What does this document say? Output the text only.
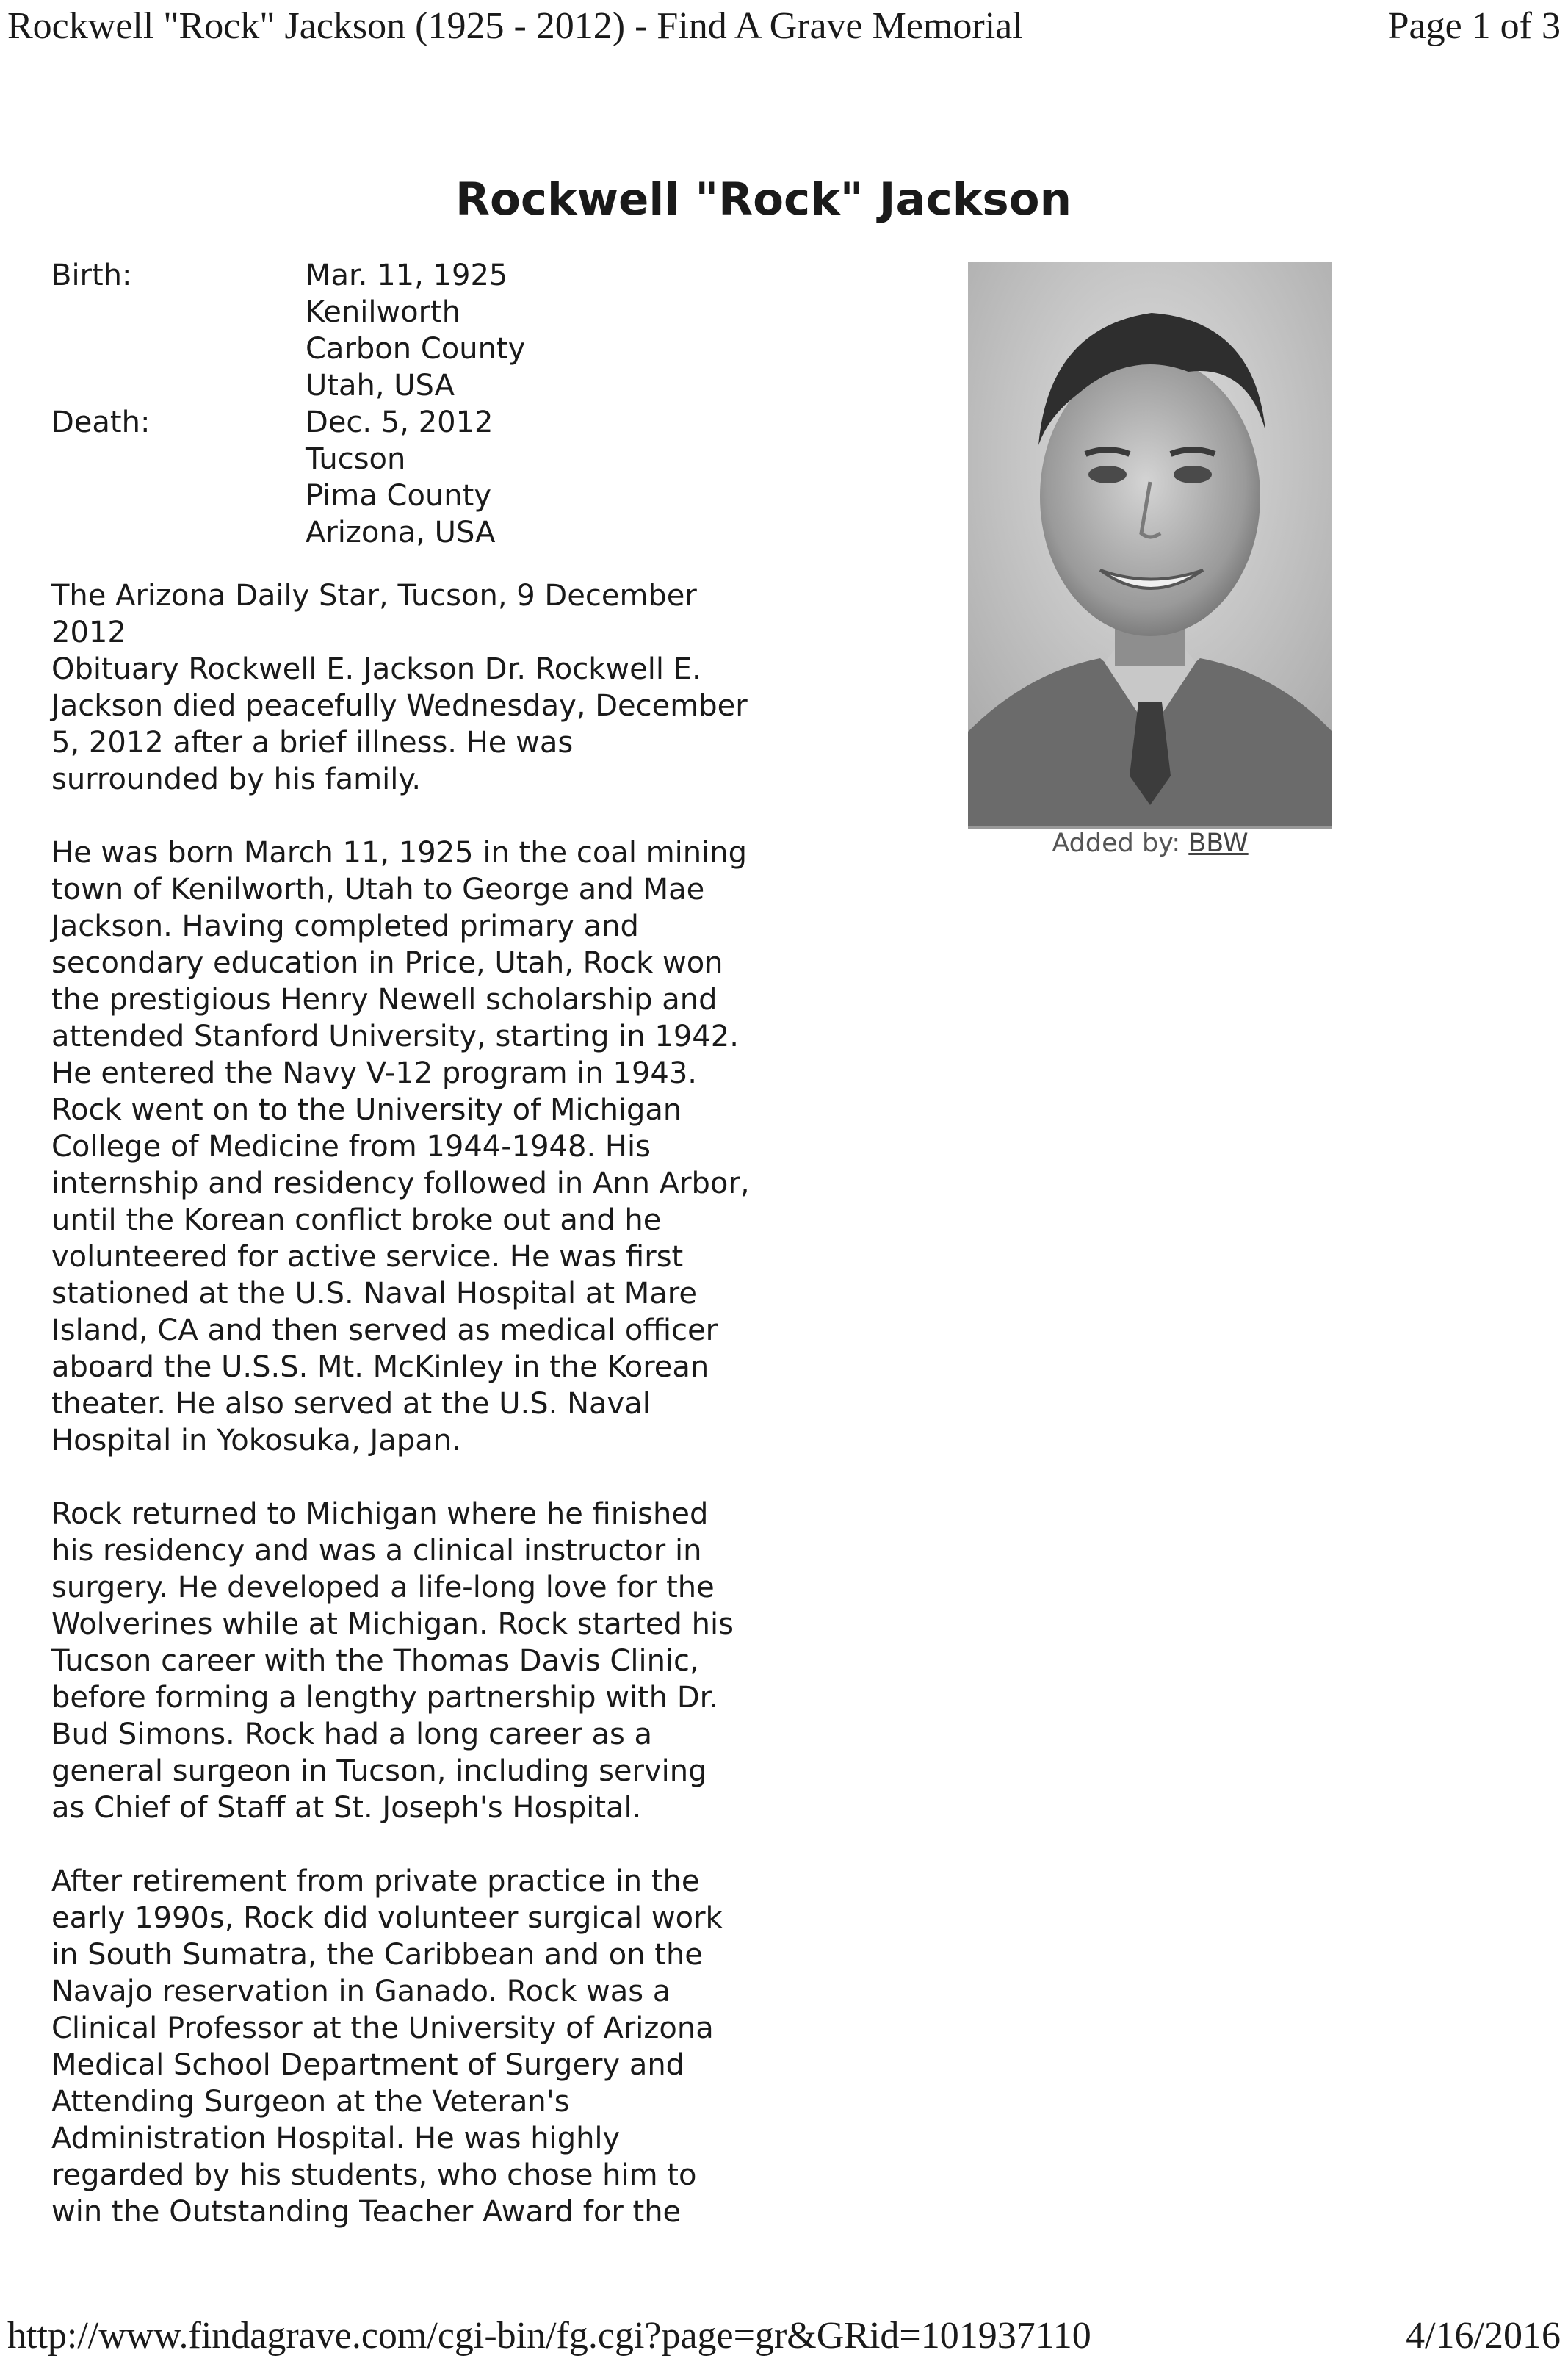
Rockwell "Rock" Jackson (1925 - 2012) - Find A Grave Memorial	Page 1 of 3
Rockwell "Rock" Jackson
Birth:	Mar. 11, 1925
Kenilworth
Carbon County
Utah, USA
Death:	Dec. 5, 2012
Tucson
Pima County
Arizona, USA
Added by: BBW

The Arizona Daily Star, Tucson, 9 December
2012
Obituary Rockwell E. Jackson Dr. Rockwell E.
Jackson died peacefully Wednesday, December
5, 2012 after a brief illness. He was
surrounded by his family.

He was born March 11, 1925 in the coal mining
town of Kenilworth, Utah to George and Mae
Jackson. Having completed primary and
secondary education in Price, Utah, Rock won
the prestigious Henry Newell scholarship and
attended Stanford University, starting in 1942.
He entered the Navy V-12 program in 1943.
Rock went on to the University of Michigan
College of Medicine from 1944-1948. His
internship and residency followed in Ann Arbor,
until the Korean conflict broke out and he
volunteered for active service. He was first
stationed at the U.S. Naval Hospital at Mare
Island, CA and then served as medical officer
aboard the U.S.S. Mt. McKinley in the Korean
theater. He also served at the U.S. Naval
Hospital in Yokosuka, Japan.

Rock returned to Michigan where he finished
his residency and was a clinical instructor in
surgery. He developed a life-long love for the
Wolverines while at Michigan. Rock started his
Tucson career with the Thomas Davis Clinic,
before forming a lengthy partnership with Dr.
Bud Simons. Rock had a long career as a
general surgeon in Tucson, including serving
as Chief of Staff at St. Joseph's Hospital.

After retirement from private practice in the
early 1990s, Rock did volunteer surgical work
in South Sumatra, the Caribbean and on the
Navajo reservation in Ganado. Rock was a
Clinical Professor at the University of Arizona
Medical School Department of Surgery and
Attending Surgeon at the Veteran's
Administration Hospital. He was highly
regarded by his students, who chose him to
win the Outstanding Teacher Award for the

http://www.findagrave.com/cgi-bin/fg.cgi?page=gr&GRid=101937110	4/16/2016
